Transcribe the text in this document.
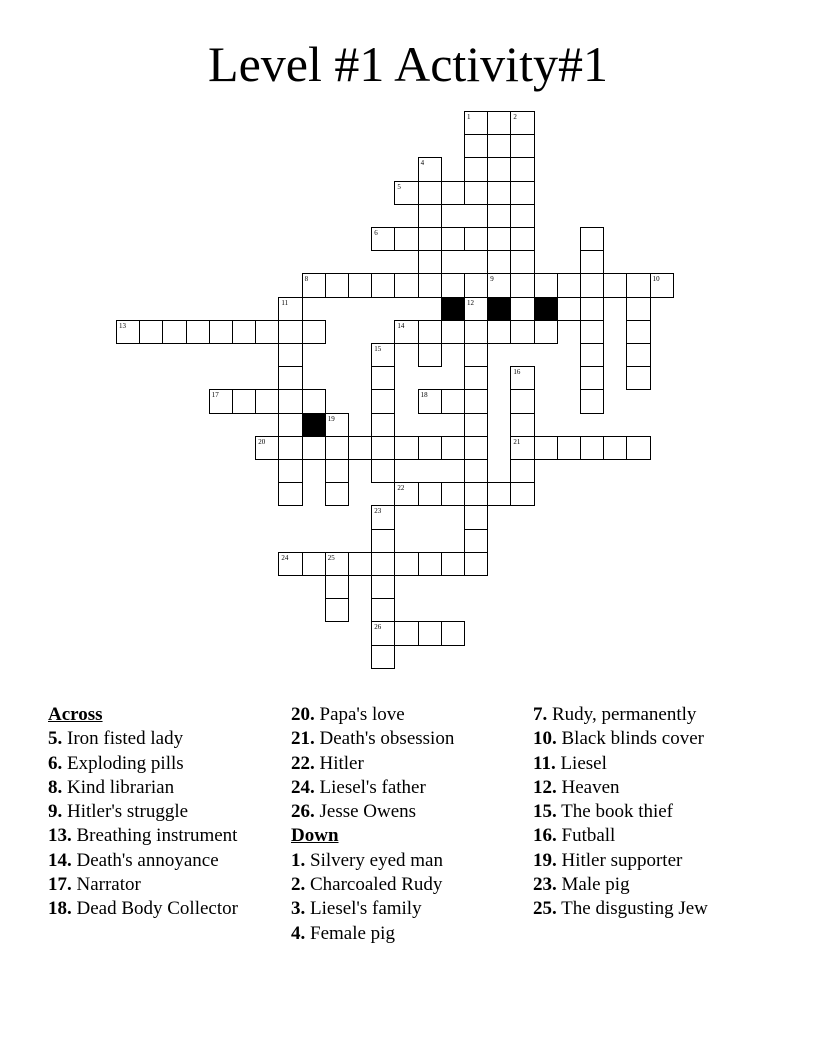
Level #1 Activity#1
1	2
4
5
6
8	9	10
11	12
13	14
15
16
17	18
19
20	21
22
23
24	25
26
Across
5. Iron fisted lady
6. Exploding pills
8. Kind librarian
9. Hitler's struggle
13. Breathing instrument
14. Death's annoyance
17. Narrator
18. Dead Body Collector
20. Papa's love
21. Death's obsession
22. Hitler
24. Liesel's father
26. Jesse Owens
Down
1. Silvery eyed man
2. Charcoaled Rudy
3. Liesel's family
4. Female pig
7. Rudy, permanently
10. Black blinds cover
11. Liesel
12. Heaven
15. The book thief
16. Futball
19. Hitler supporter
23. Male pig
25. The disgusting Jew
